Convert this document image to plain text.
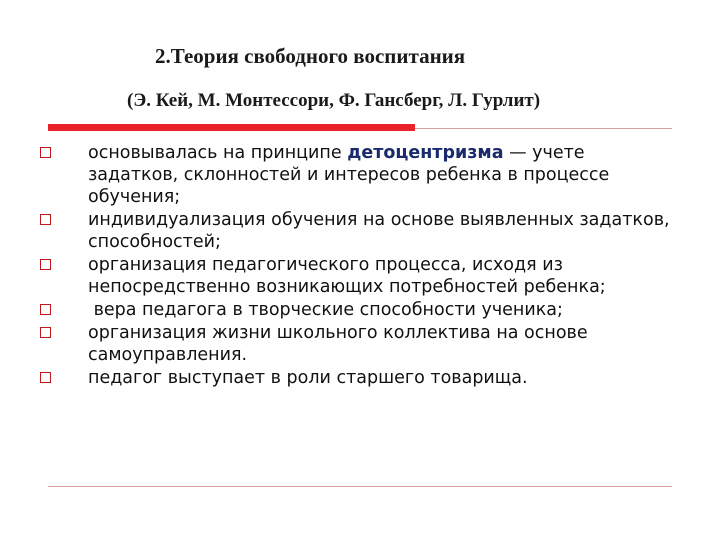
2.Теория свободного воспитания
(Э. Кей, М. Монтессори, Ф. Гансберг, Л. Гурлит)
основывалась на принципе детоцентризма — учете задатков, склонностей и интересов ребенка в процессе обучения;
индивидуализация обучения на основе выявленных задатков, способностей;
организация педагогического процесса, исходя из непосредственно возникающих потребностей ребенка;
вера педагога в творческие способности ученика;
организация жизни школьного коллектива на основе самоуправления.
педагог выступает в роли старшего товарища.
